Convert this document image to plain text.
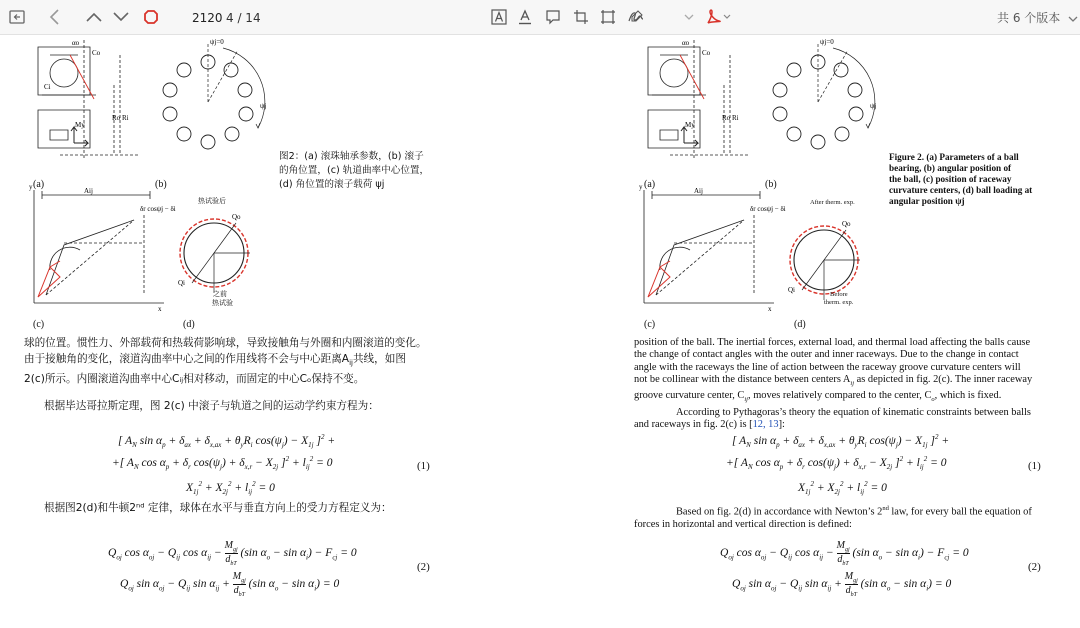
2120 4 / 14	共 6 个版本
αo
Co
Ci
Ro Ri
My
(a)
ψj=0
ψj
(b)
图2：(a) 滚珠轴承参数，(b) 滚子
的角位置，(c) 轨道曲率中心位置，
(d) 角位置的滚子载荷 ψj
Aij
y
x
δr cosψj − δi
(c)
Qo
Qi
热试验后
之前
热试验
(d)
球的位置。惯性力、外部载荷和热载荷影响球，导致接触角与外圈和内圈滚道的变化。
由于接触角的变化，滚道沟曲率中心之间的作用线将不会与中心距离$A_{ij}$共线，如图
2(c)所示。内圈滚道沟曲率中心Cᵢⱼ相对移动，而固定的中心Cₒ保持不变。
根据毕达哥拉斯定理，图 2(c) 中滚子与轨道之间的运动学约束方程为：
[ $A_N$ $\sin \alpha_p + \delta_{ax} + \delta_{x,ax} + \theta_yR_i$ $\cos(\psi_j) - X_{1j}$ ]$^2$ +
+[ $A_N$ $\cos \alpha_p + \delta_r$ $\cos(\psi_j) + \delta_{x,r} - X_{2j}$ ]$^2 + l_{ij}^2 = 0$
$X_{1j}^2 + X_{2j}^2 + l_{ij}^2 = 0$
(1)
根据图2(d)和牛顿2ⁿᵈ 定律，球体在水平与垂直方向上的受力方程定义为：
$Q_{oj}$ $\cos \alpha_{oj} - Q_{ij}$ $\cos \alpha_{ij}$ −
$M_{gj}$
$d_{bT}$
(sin $\alpha_o - \sin \alpha_i) - F_{cj} = 0$
$Q_{oj}$ $\sin \alpha_{oj} - Q_{ij}$ $\sin \alpha_{ij}$ +
$M_{gj}$
$d_{bT}$
(sin $\alpha_o - \sin \alpha_i) = 0$
(2)
αo
Co
Ro Ri
My
(a)
ψj=0
ψj
(b)
Figure 2. (a) Parameters of a ball
bearing, (b) angular position of
the ball, (c) position of raceway
curvature centers, (d) ball loading at
angular position ψj
Aij
y
x
δr cosψj − δi
(c)
Qo
Qi
After therm. exp.
Before
therm. exp.
(d)
position of the ball. The inertial forces, external load, and thermal load affecting the balls cause
the change of contact angles with the outer and inner raceways. Due to the change in contact
angle with the raceways the line of action between the raceway groove curvature centers will
not be collinear with the distance between centers $A_{ij}$ as depicted in fig. 2(c). The inner raceway
groove curvature center, $C_{ij}$, moves relatively compared to the center, $C_o$, which is fixed.
According to Pythagoras’s theory the equation of kinematic constraints between balls
and raceways in fig. 2(c) is [12, 13]:
[ $A_N$ $\sin \alpha_p + \delta_{ax} + \delta_{x,ax} + \theta_yR_i$ $\cos(\psi_j) - X_{1j}$ ]$^2$ +
+[ $A_N$ $\cos \alpha_p + \delta_r$ $\cos(\psi_j) + \delta_{x,r} - X_{2j}$ ]$^2 + l_{ij}^2 = 0$
$X_{1j}^2 + X_{2j}^2 + l_{ij}^2 = 0$
(1)
Based on fig. 2(d) in accordance with Newton’s 2nd law, for every ball the equation of
forces in horizontal and vertical direction is defined:
$Q_{oj}$ $\cos \alpha_{oj} - Q_{ij}$ $\cos \alpha_{ij}$ −
$M_{gj}$
$d_{bT}$
(sin $\alpha_o - \sin \alpha_i) - F_{cj} = 0$
$Q_{oj}$ $\sin \alpha_{oj} - Q_{ij}$ $\sin \alpha_{ij}$ +
$M_{gj}$
$d_{bT}$
(sin $\alpha_o - \sin \alpha_i) = 0$
(2)
